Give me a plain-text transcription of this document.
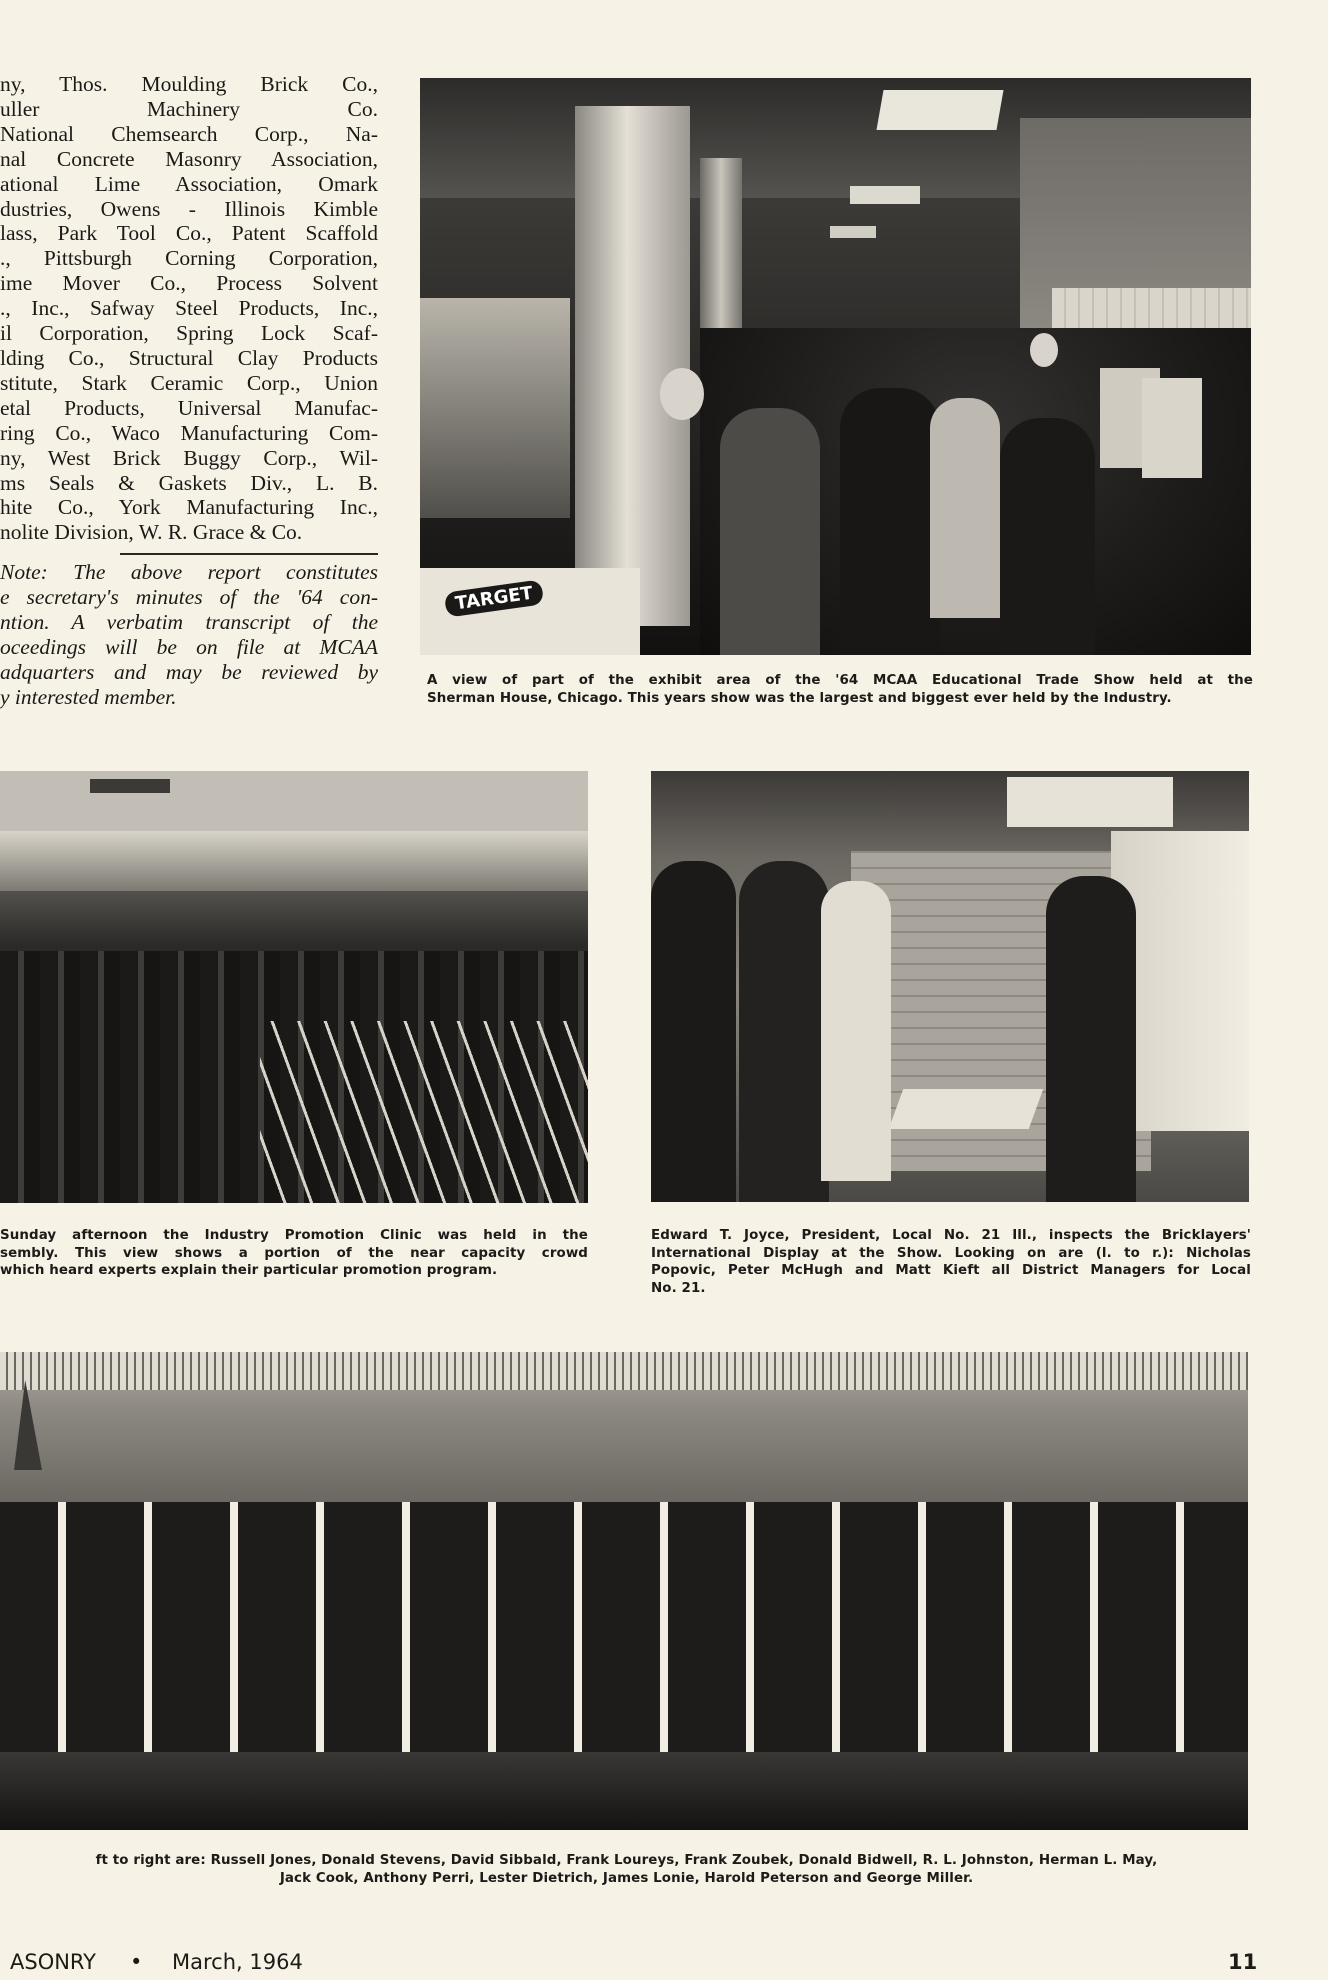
ny, Thos. Moulding Brick Co.,
uller Machinery Co.
National Chemsearch Corp., Na-
nal Concrete Masonry Association,
ational Lime Association, Omark
dustries, Owens - Illinois Kimble
lass, Park Tool Co., Patent Scaffold
., Pittsburgh Corning Corporation,
ime Mover Co., Process Solvent
., Inc., Safway Steel Products, Inc.,
il Corporation, Spring Lock Scaf-
lding Co., Structural Clay Products
stitute, Stark Ceramic Corp., Union
etal Products, Universal Manufac-
ring Co., Waco Manufacturing Com-
ny, West Brick Buggy Corp., Wil-
ms Seals & Gaskets Div., L. B.
hite Co., York Manufacturing Inc.,
nolite Division, W. R. Grace & Co.
Note: The above report constitutes
e secretary's minutes of the '64 con-
ntion. A verbatim transcript of the
oceedings will be on file at MCAA
adquarters and may be reviewed by
y interested member.
TARGET
A view of part of the exhibit area of the '64 MCAA Educational Trade Show held at the
Sherman House, Chicago. This years show was the largest and biggest ever held by the Industry.
Sunday afternoon the Industry Promotion Clinic was held in the
sembly. This view shows a portion of the near capacity crowd
which heard experts explain their particular promotion program.
Edward T. Joyce, President, Local No. 21 Ill., inspects the Bricklayers'
International Display at the Show. Looking on are (l. to r.): Nicholas
Popovic, Peter McHugh and Matt Kieft all District Managers for Local
No. 21.
ft to right are: Russell Jones, Donald Stevens, David Sibbald, Frank Loureys, Frank Zoubek, Donald Bidwell, R. L. Johnston, Herman L. May,
Jack Cook, Anthony Perri, Lester Dietrich, James Lonie, Harold Peterson and George Miller.
ASONRY • March, 1964	11
